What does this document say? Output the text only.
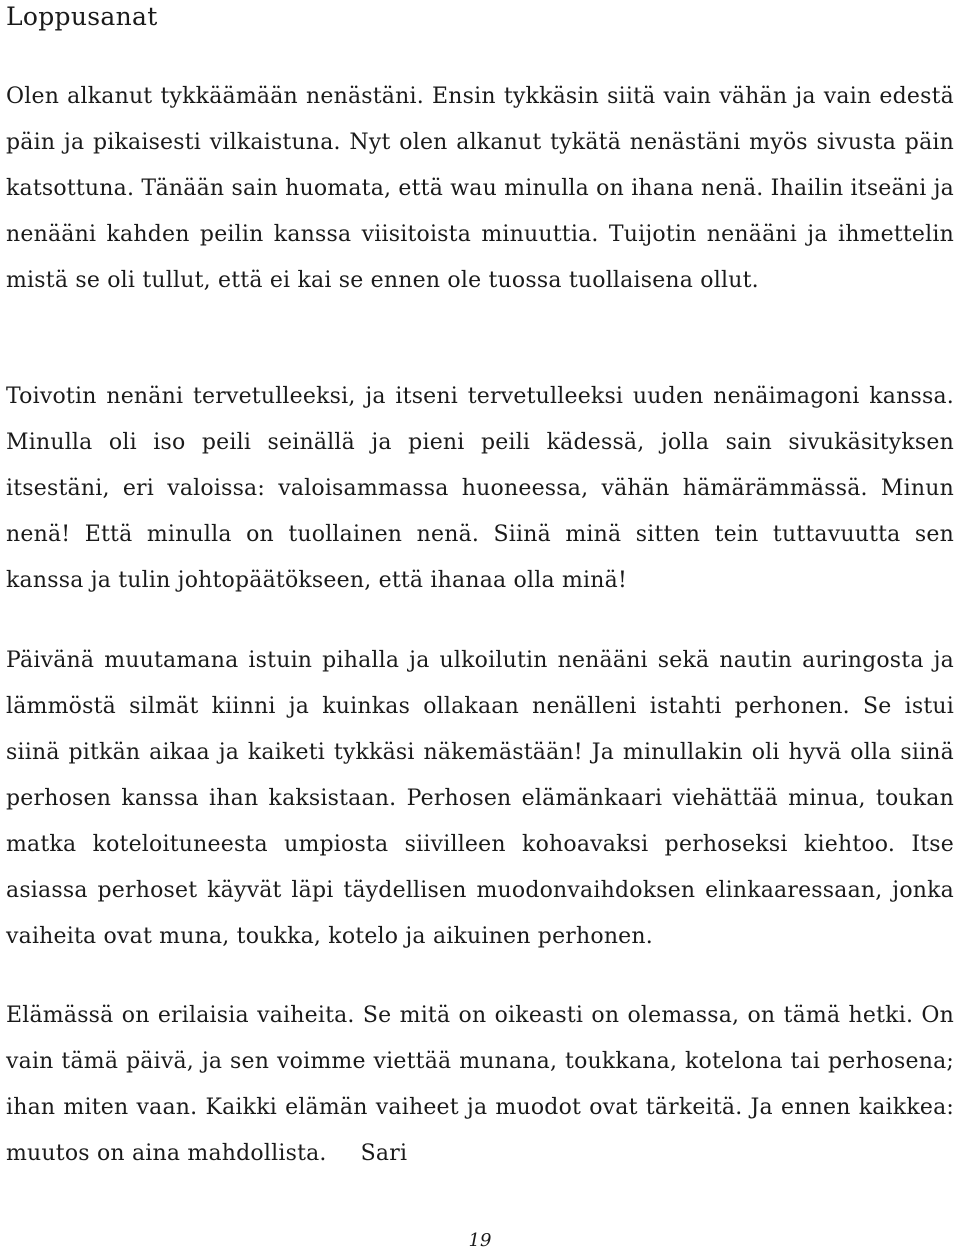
Loppusanat

Olen alkanut tykkäämään nenästäni. Ensin tykkäsin siitä vain vähän ja vain edestä päin ja pikaisesti vilkaistuna. Nyt olen alkanut tykätä nenästäni myös sivusta päin katsottuna. Tänään sain huomata, että wau minulla on ihana nenä. Ihailin itseäni ja nenääni kahden peilin kanssa viisitoista minuuttia. Tuijotin nenääni ja ihmettelin mistä se oli tullut, että ei kai se ennen ole tuossa tuollaisena ollut.

Toivotin nenäni tervetulleeksi, ja itseni tervetulleeksi uuden nenäimagoni kanssa. Minulla oli iso peili seinällä ja pieni peili kädessä, jolla sain sivukäsityksen itsestäni, eri valoissa: valoisammassa huoneessa, vähän hämärämmässä. Minun nenä! Että minulla on tuollainen nenä. Siinä minä sitten tein tuttavuutta sen kanssa ja tulin johtopäätökseen, että ihanaa olla minä!

Päivänä muutamana istuin pihalla ja ulkoilutin nenääni sekä nautin auringosta ja lämmöstä silmät kiinni ja kuinkas ollakaan nenälleni istahti perhonen. Se istui siinä pitkän aikaa ja kaiketi tykkäsi näkemästään! Ja minullakin oli hyvä olla siinä perhosen kanssa ihan kaksistaan. Perhosen elämänkaari viehättää minua, toukan matka koteloituneesta umpiosta siivilleen kohoavaksi perhoseksi kiehtoo. Itse asiassa perhoset käyvät läpi täydellisen muodonvaihdoksen elinkaaressaan, jonka vaiheita ovat muna, toukka, kotelo ja aikuinen perhonen.

Elämässä on erilaisia vaiheita. Se mitä on oikeasti on olemassa, on tämä hetki. On vain tämä päivä, ja sen voimme viettää munana, toukkana, kotelona tai perhosena; ihan miten vaan. Kaikki elämän vaiheet ja muodot ovat tärkeitä. Ja ennen kaikkea: muutos on aina mahdollista. Sari

19
